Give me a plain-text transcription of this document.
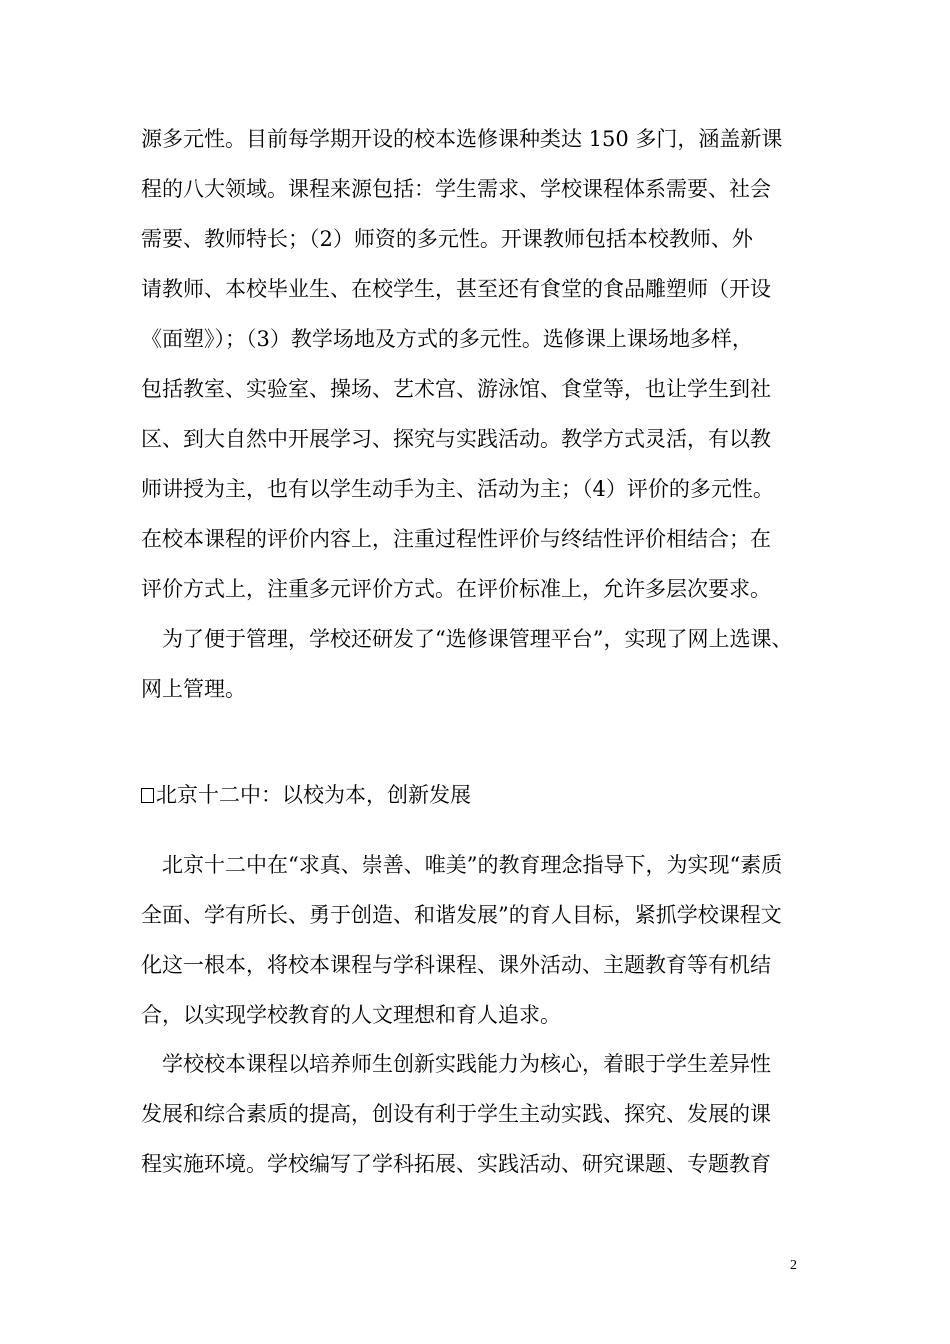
源多元性。目前每学期开设的校本选修课种类达 150 多门，涵盖新课
程的八大领域。课程来源包括：学生需求、学校课程体系需要、社会
需要、教师特长；（2）师资的多元性。开课教师包括本校教师、外
请教师、本校毕业生、在校学生，甚至还有食堂的食品雕塑师（开设
《面塑》）；（3）教学场地及方式的多元性。选修课上课场地多样，
包括教室、实验室、操场、艺术宫、游泳馆、食堂等，也让学生到社
区、到大自然中开展学习、探究与实践活动。教学方式灵活，有以教
师讲授为主，也有以学生动手为主、活动为主；（4）评价的多元性。
在校本课程的评价内容上，注重过程性评价与终结性评价相结合；在
评价方式上，注重多元评价方式。在评价标准上，允许多层次要求。
为了便于管理，学校还研发了“选修课管理平台”，实现了网上选课、
网上管理。
北京十二中：以校为本，创新发展
北京十二中在“求真、崇善、唯美”的教育理念指导下，为实现“素质
全面、学有所长、勇于创造、和谐发展”的育人目标，紧抓学校课程文
化这一根本，将校本课程与学科课程、课外活动、主题教育等有机结
合，以实现学校教育的人文理想和育人追求。
学校校本课程以培养师生创新实践能力为核心，着眼于学生差异性
发展和综合素质的提高，创设有利于学生主动实践、探究、发展的课
程实施环境。学校编写了学科拓展、实践活动、研究课题、专题教育
2
